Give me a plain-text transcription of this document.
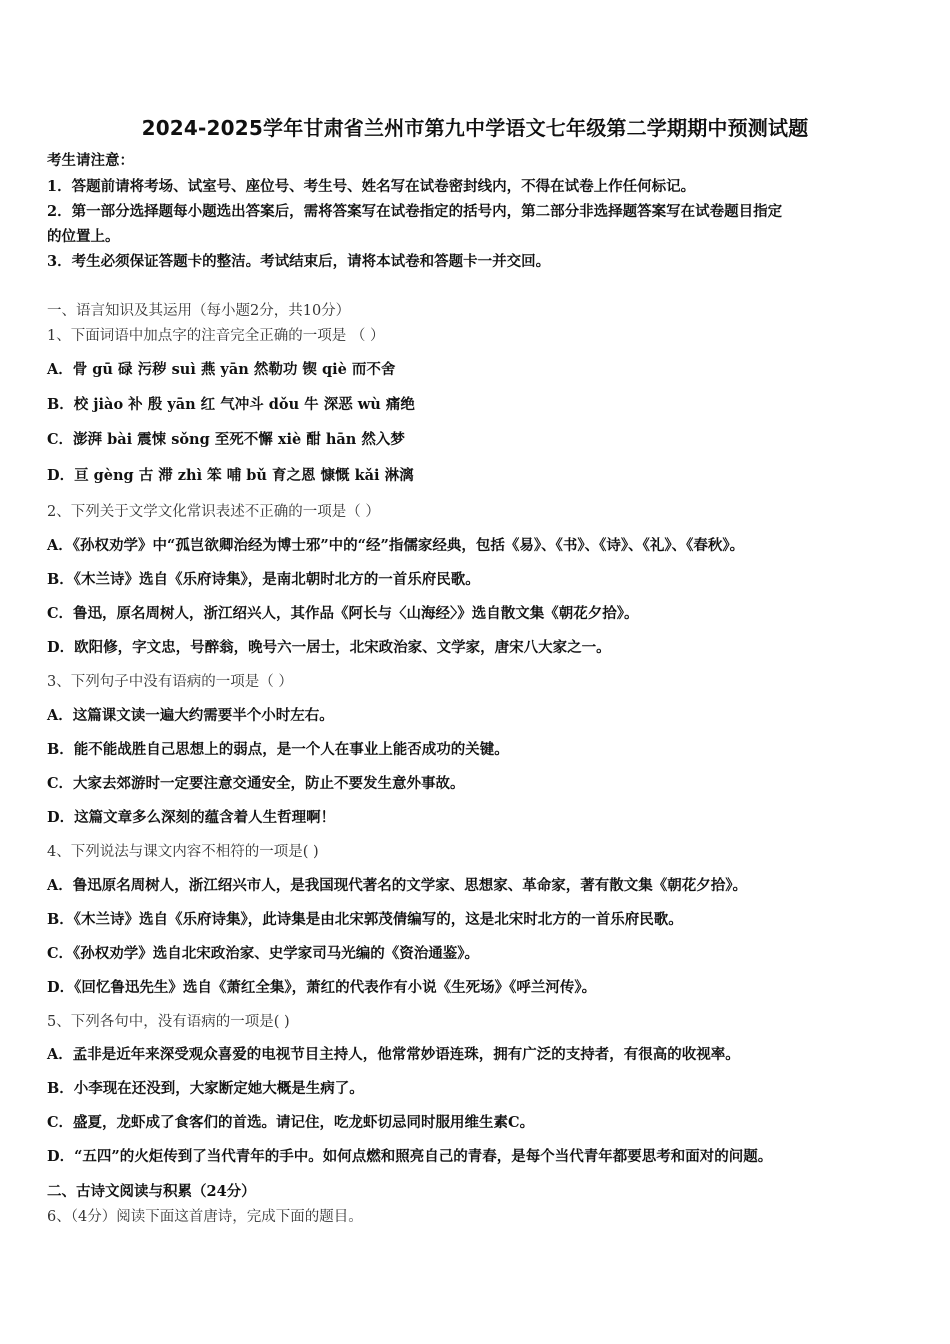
2024-2025学年甘肃省兰州市第九中学语文七年级第二学期期中预测试题
考生请注意：
1．答题前请将考场、试室号、座位号、考生号、姓名写在试卷密封线内，不得在试卷上作任何标记。
2．第一部分选择题每小题选出答案后，需将答案写在试卷指定的括号内，第二部分非选择题答案写在试卷题目指定
的位置上。
3．考生必须保证答题卡的整洁。考试结束后，请将本试卷和答题卡一并交回。
一、语言知识及其运用（每小题2分，共10分）
1、下面词语中加点字的注音完全正确的一项是 （ ）
A．骨 gū 碌 污秽 suì 燕 yān 然勒功 锲 qiè 而不舍
B．校 jiào 补 殷 yān 红 气冲斗 dǒu 牛 深恶 wù 痛绝
C．澎湃 bài 震悚 sǒng 至死不懈 xiè 酣 hān 然入梦
D．亘 gèng 古 滞 zhì 笨 哺 bǔ 育之恩 慷慨 kǎi 淋漓
2、下列关于文学文化常识表述不正确的一项是（ ）
A．《孙权劝学》中“孤岂欲卿治经为博士邪”中的“经”指儒家经典，包括《易》、《书》、《诗》、《礼》、《春秋》。
B．《木兰诗》选自《乐府诗集》，是南北朝时北方的一首乐府民歌。
C．鲁迅，原名周树人，浙江绍兴人，其作品《阿长与〈山海经〉》选自散文集《朝花夕拾》。
D．欧阳修，字文忠，号醉翁，晚号六一居士，北宋政治家、文学家，唐宋八大家之一。
3、下列句子中没有语病的一项是（ ）
A．这篇课文读一遍大约需要半个小时左右。
B．能不能战胜自己思想上的弱点，是一个人在事业上能否成功的关键。
C．大家去郊游时一定要注意交通安全，防止不要发生意外事故。
D．这篇文章多么深刻的蕴含着人生哲理啊！
4、下列说法与课文内容不相符的一项是( )
A．鲁迅原名周树人，浙江绍兴市人，是我国现代著名的文学家、思想家、革命家，著有散文集《朝花夕拾》。
B．《木兰诗》选自《乐府诗集》，此诗集是由北宋郭茂倩编写的，这是北宋时北方的一首乐府民歌。
C．《孙权劝学》选自北宋政治家、史学家司马光编的《资治通鉴》。
D．《回忆鲁迅先生》选自《萧红全集》，萧红的代表作有小说《生死场》《呼兰河传》。
5、下列各句中，没有语病的一项是( )
A．孟非是近年来深受观众喜爱的电视节目主持人，他常常妙语连珠，拥有广泛的支持者，有很高的收视率。
B．小李现在还没到，大家断定她大概是生病了。
C．盛夏，龙虾成了食客们的首选。请记住，吃龙虾切忌同时服用维生素C。
D．“五四”的火炬传到了当代青年的手中。如何点燃和照亮自己的青春，是每个当代青年都要思考和面对的问题。
二、古诗文阅读与积累（24分）
6、（4分）阅读下面这首唐诗，完成下面的题目。
